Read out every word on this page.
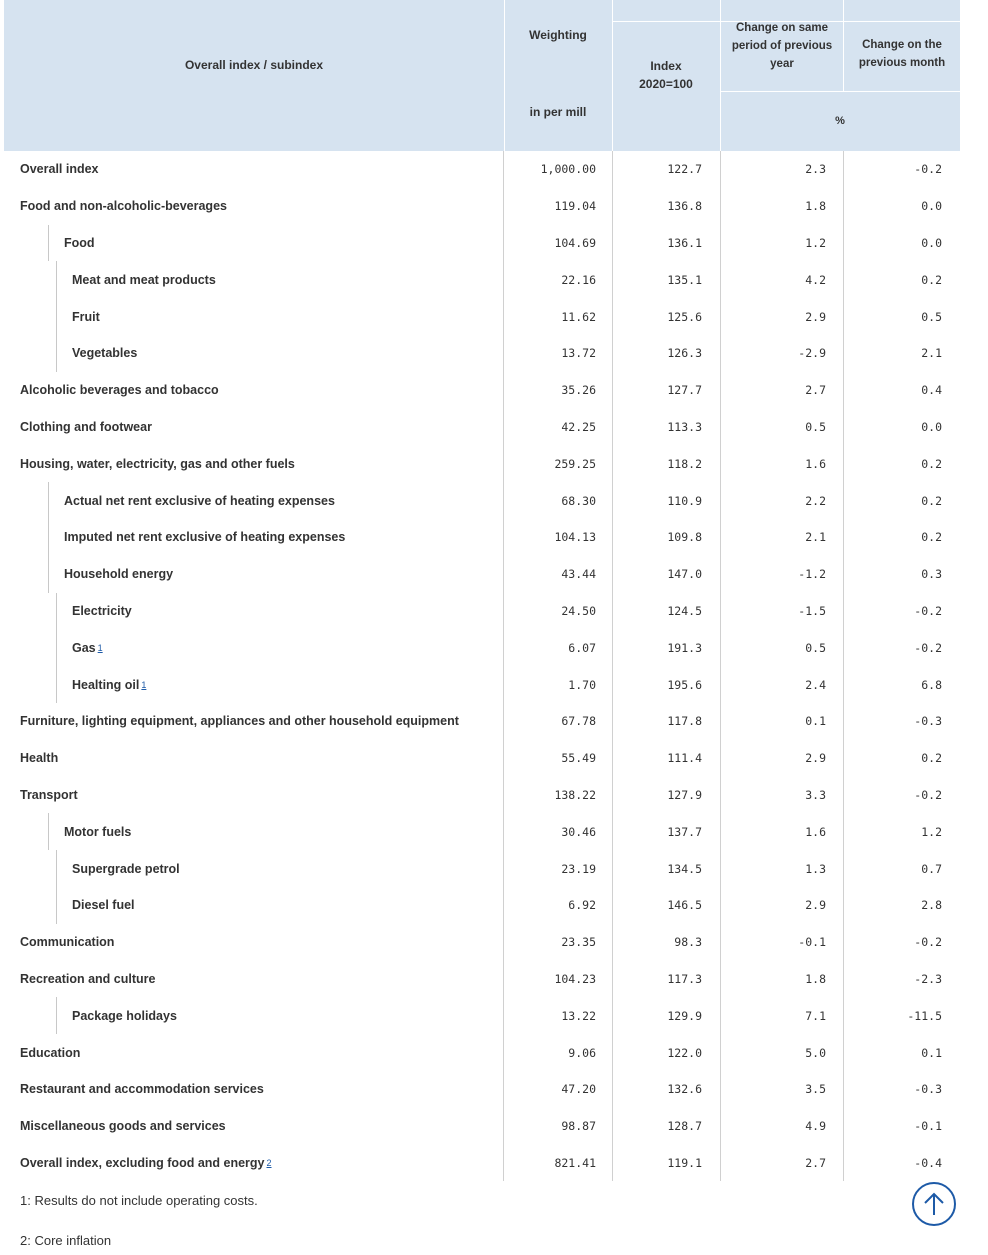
Overall index / subindex
Weighting
in per mill
Index
2020=100
Change on same period of previous year
Change on the previous month
%
Overall index	1,000.00	122.7	2.3	-0.2
Food and non-alcoholic-beverages	119.04	136.8	1.8	0.0
Food	104.69	136.1	1.2	0.0
Meat and meat products	22.16	135.1	4.2	0.2
Fruit	11.62	125.6	2.9	0.5
Vegetables	13.72	126.3	-2.9	2.1
Alcoholic beverages and tobacco	35.26	127.7	2.7	0.4
Clothing and footwear	42.25	113.3	0.5	0.0
Housing, water, electricity, gas and other fuels	259.25	118.2	1.6	0.2
Actual net rent exclusive of heating expenses	68.30	110.9	2.2	0.2
Imputed net rent exclusive of heating expenses	104.13	109.8	2.1	0.2
Household energy	43.44	147.0	-1.2	0.3
Electricity	24.50	124.5	-1.5	-0.2
Gas 1	6.07	191.3	0.5	-0.2
Healting oil 1	1.70	195.6	2.4	6.8
Furniture, lighting equipment, appliances and other household equipment	67.78	117.8	0.1	-0.3
Health	55.49	111.4	2.9	0.2
Transport	138.22	127.9	3.3	-0.2
Motor fuels	30.46	137.7	1.6	1.2
Supergrade petrol	23.19	134.5	1.3	0.7
Diesel fuel	6.92	146.5	2.9	2.8
Communication	23.35	98.3	-0.1	-0.2
Recreation and culture	104.23	117.3	1.8	-2.3
Package holidays	13.22	129.9	7.1	-11.5
Education	9.06	122.0	5.0	0.1
Restaurant and accommodation services	47.20	132.6	3.5	-0.3
Miscellaneous goods and services	98.87	128.7	4.9	-0.1
Overall index, excluding food and energy 2	821.41	119.1	2.7	-0.4
1: Results do not include operating costs.
2: Core inflation
